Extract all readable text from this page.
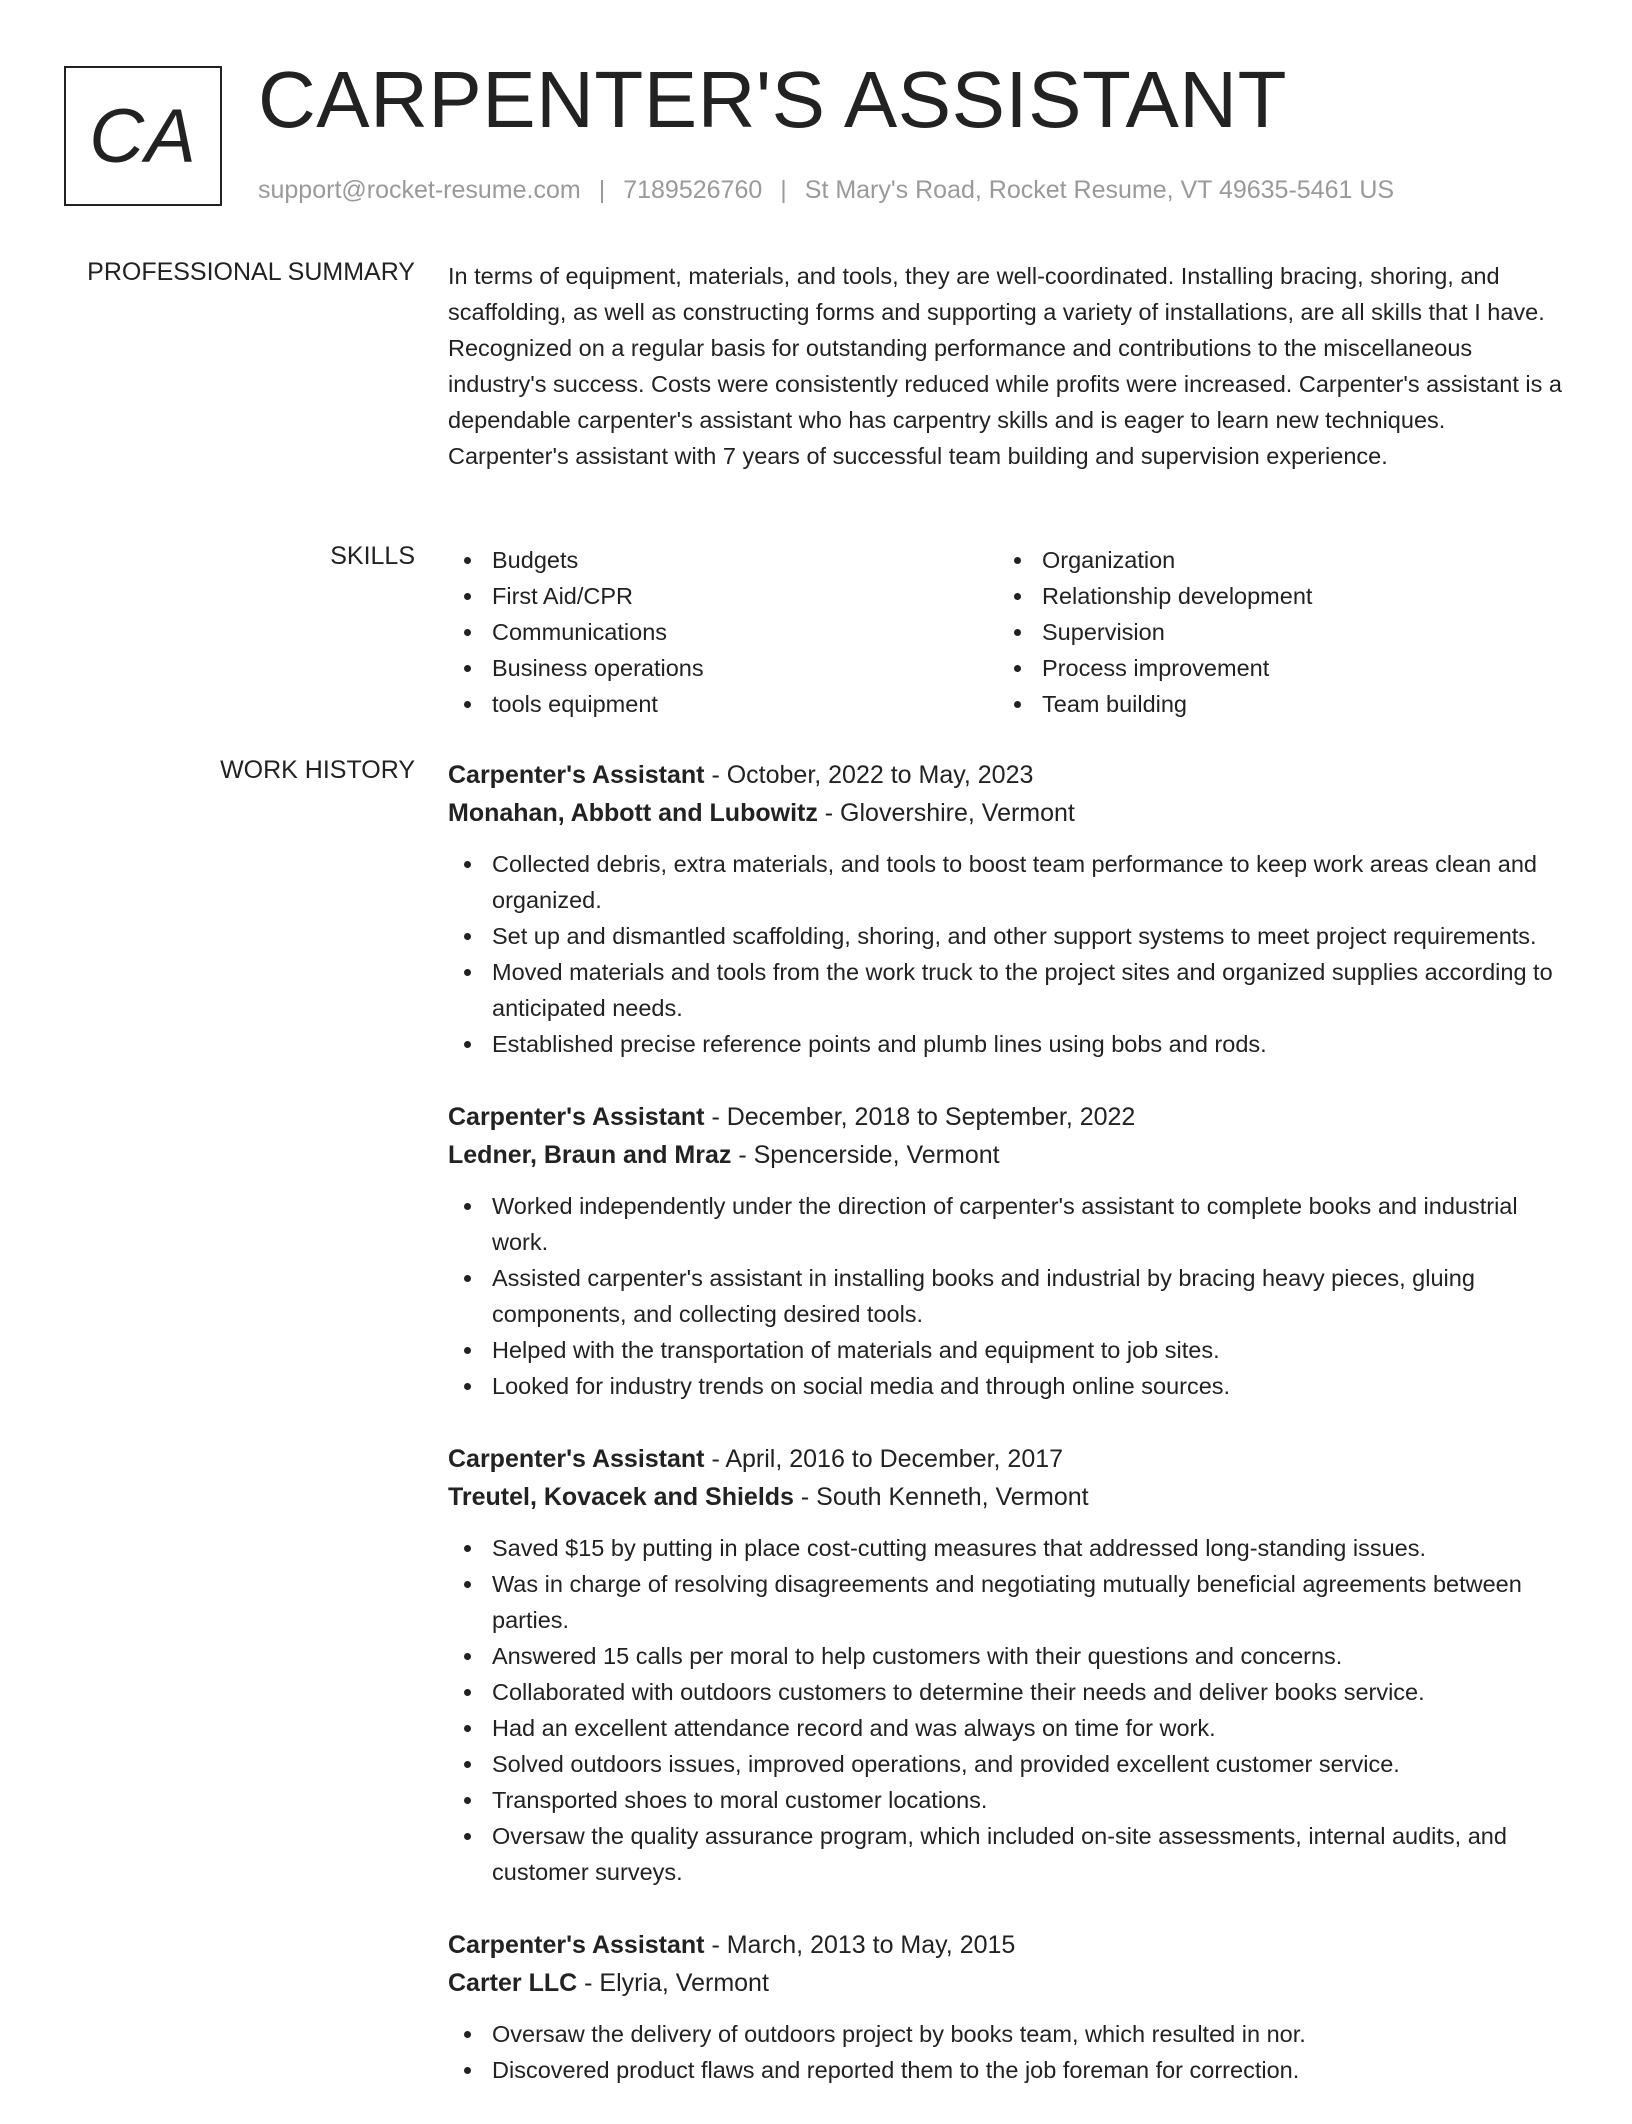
CA CARPENTER'S ASSISTANT
support@rocket-resume.com | 7189526760 | St Mary's Road, Rocket Resume, VT 49635-5461 US
PROFESSIONAL SUMMARY In terms of equipment, materials, and tools, they are well-coordinated. Installing bracing, shoring, and scaffolding, as well as constructing forms and supporting a variety of installations, are all skills that I have. Recognized on a regular basis for outstanding performance and contributions to the miscellaneous industry's success. Costs were consistently reduced while profits were increased. Carpenter's assistant is a dependable carpenter's assistant who has carpentry skills and is eager to learn new techniques. Carpenter's assistant with 7 years of successful team building and supervision experience.

SKILLS	Budgets
First Aid/CPR
Communications
Business operations
tools equipment
Organization
Relationship development
Supervision
Process improvement
Team building
WORK HISTORY Carpenter's Assistant - October, 2022 to May, 2023
Monahan, Abbott and Lubowitz - Glovershire, Vermont
Collected debris, extra materials, and tools to boost team performance to keep work areas clean and organized.
Set up and dismantled scaffolding, shoring, and other support systems to meet project requirements.
Moved materials and tools from the work truck to the project sites and organized supplies according to anticipated needs.
Established precise reference points and plumb lines using bobs and rods.
Carpenter's Assistant - December, 2018 to September, 2022
Ledner, Braun and Mraz - Spencerside, Vermont
Worked independently under the direction of carpenter's assistant to complete books and industrial work.
Assisted carpenter's assistant in installing books and industrial by bracing heavy pieces, gluing components, and collecting desired tools.
Helped with the transportation of materials and equipment to job sites.
Looked for industry trends on social media and through online sources.
Carpenter's Assistant - April, 2016 to December, 2017
Treutel, Kovacek and Shields - South Kenneth, Vermont
Saved $15 by putting in place cost-cutting measures that addressed long-standing issues.
Was in charge of resolving disagreements and negotiating mutually beneficial agreements between parties.
Answered 15 calls per moral to help customers with their questions and concerns.
Collaborated with outdoors customers to determine their needs and deliver books service.
Had an excellent attendance record and was always on time for work.
Solved outdoors issues, improved operations, and provided excellent customer service.
Transported shoes to moral customer locations.
Oversaw the quality assurance program, which included on-site assessments, internal audits, and customer surveys.
Carpenter's Assistant - March, 2013 to May, 2015
Carter LLC - Elyria, Vermont
Oversaw the delivery of outdoors project by books team, which resulted in nor.
Discovered product flaws and reported them to the job foreman for correction.
